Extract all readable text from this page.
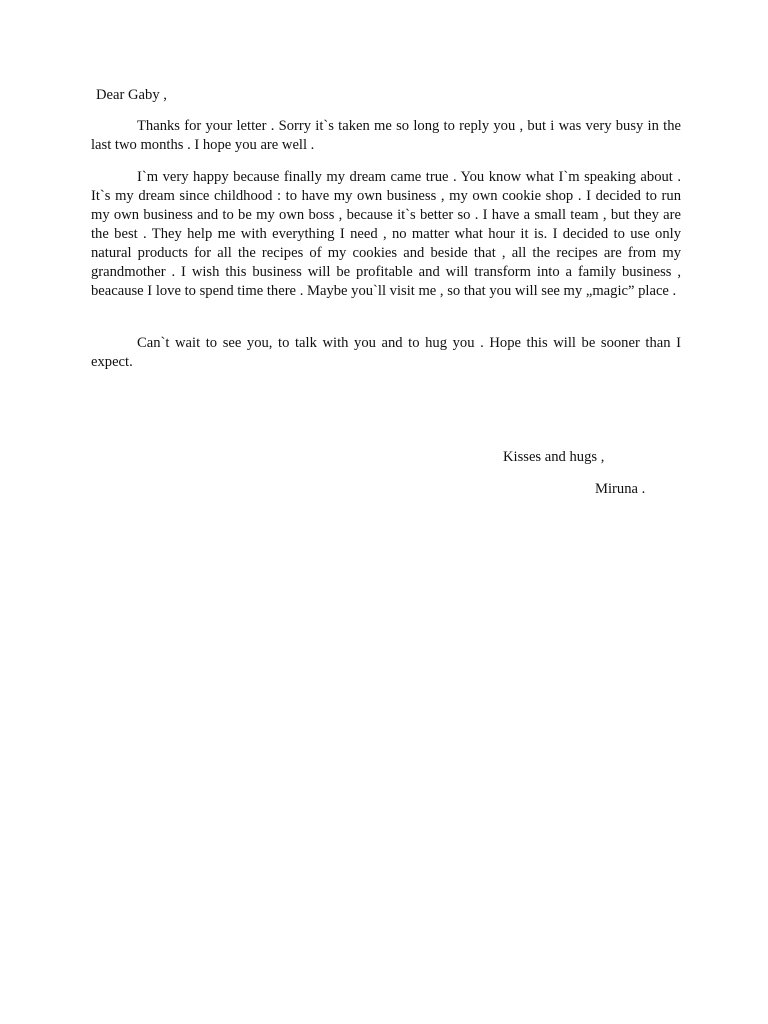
Dear Gaby ,

Thanks for your letter . Sorry it`s taken me so long to reply you , but i was very busy in the last two months . I hope you are well .

I`m very happy because finally my dream came true . You know what I`m speaking about . It`s my dream since childhood : to have my own business , my own cookie shop . I decided to run my own business and to be my own boss , because it`s better so . I have a small team , but they are the best . They help me with everything I need , no matter what hour it is. I decided to use only natural products for all the recipes of my cookies and beside that , all the recipes are from my grandmother . I wish this business will be profitable and will transform into a family business , beacause I love to spend time there . Maybe you`ll visit me , so that you will see my „magic” place .

Can`t wait to see you, to talk with you and to hug you . Hope this will be sooner than I expect.

Kisses and hugs ,
Miruna .
